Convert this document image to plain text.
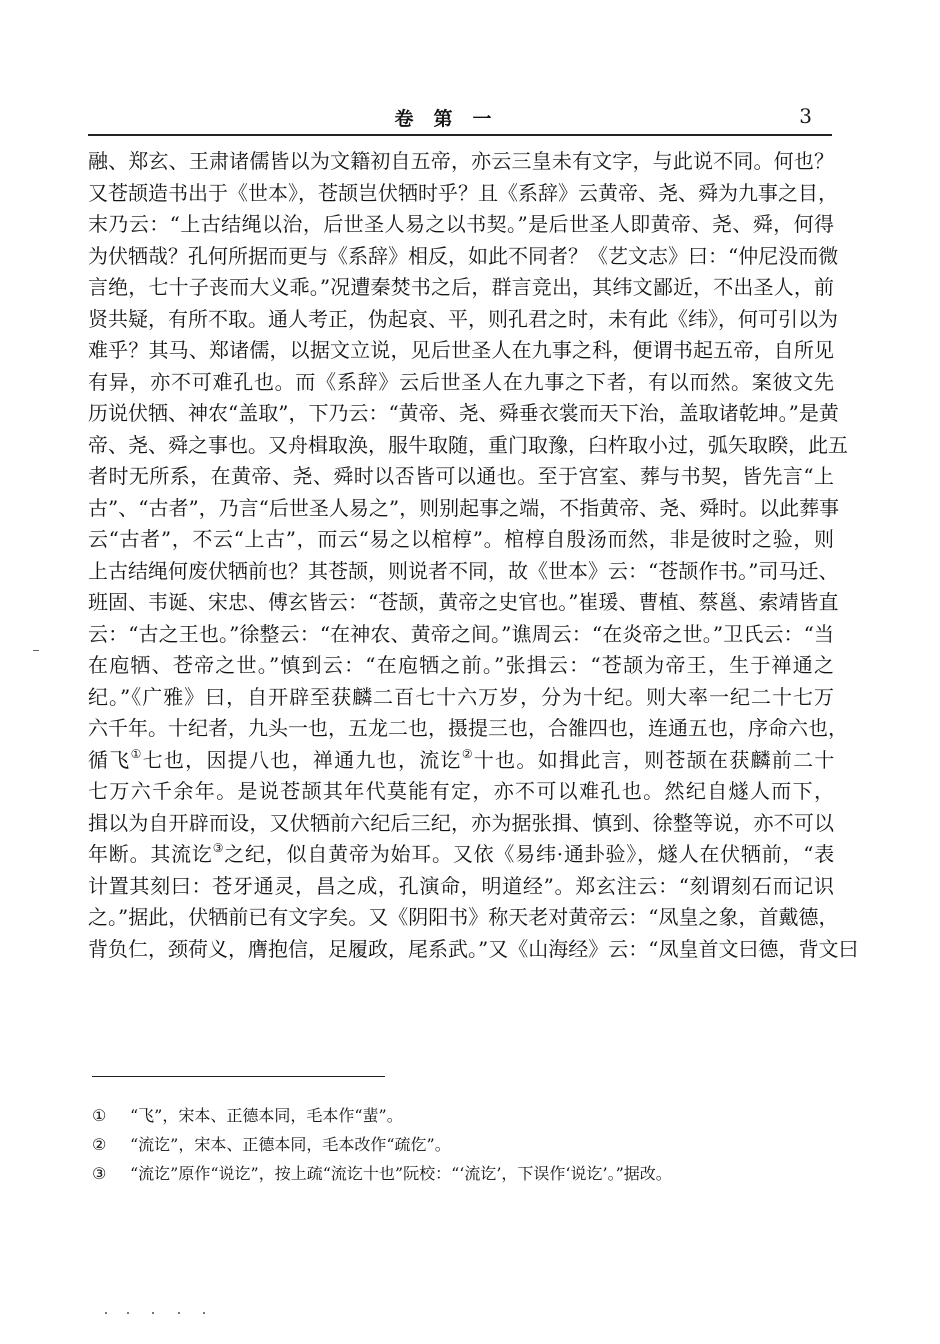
卷第一	3
融、郑玄、王肃诸儒皆以为文籍初自五帝，亦云三皇未有文字，与此说不同。何也？
又苍颉造书出于《世本》，苍颉岂伏牺时乎？且《系辞》云黄帝、尧、舜为九事之目，
末乃云：“上古结绳以治，后世圣人易之以书契。”是后世圣人即黄帝、尧、舜，何得
为伏牺哉？孔何所据而更与《系辞》相反，如此不同者？《艺文志》曰：“仲尼没而微
言绝，七十子丧而大义乖。”况遭秦焚书之后，群言竞出，其纬文鄙近，不出圣人，前
贤共疑，有所不取。通人考正，伪起哀、平，则孔君之时，未有此《纬》，何可引以为
难乎？其马、郑诸儒，以据文立说，见后世圣人在九事之科，便谓书起五帝，自所见
有异，亦不可难孔也。而《系辞》云后世圣人在九事之下者，有以而然。案彼文先
历说伏牺、神农“盖取”，下乃云：“黄帝、尧、舜垂衣裳而天下治，盖取诸乾坤。”是黄
帝、尧、舜之事也。又舟楫取涣，服牛取随，重门取豫，臼杵取小过，弧矢取睽，此五
者时无所系，在黄帝、尧、舜时以否皆可以通也。至于宫室、葬与书契，皆先言“上
古”、“古者”，乃言“后世圣人易之”，则别起事之端，不指黄帝、尧、舜时。以此葬事
云“古者”，不云“上古”，而云“易之以棺椁”。棺椁自殷汤而然，非是彼时之验，则
上古结绳何废伏牺前也？其苍颉，则说者不同，故《世本》云：“苍颉作书。”司马迁、
班固、韦诞、宋忠、傅玄皆云：“苍颉，黄帝之史官也。”崔瑗、曹植、蔡邕、索靖皆直
云：“古之王也。”徐整云：“在神农、黄帝之间。”谯周云：“在炎帝之世。”卫氏云：“当
在庖牺、苍帝之世。”慎到云：“在庖牺之前。”张揖云：“苍颉为帝王，生于禅通之
纪。”《广雅》曰，自开辟至获麟二百七十六万岁，分为十纪。则大率一纪二十七万
六千年。十纪者，九头一也，五龙二也，摄提三也，合雒四也，连通五也，序命六也，
循飞①七也，因提八也，禅通九也，流讫②十也。如揖此言，则苍颉在获麟前二十
七万六千余年。是说苍颉其年代莫能有定，亦不可以难孔也。然纪自燧人而下，
揖以为自开辟而设，又伏牺前六纪后三纪，亦为据张揖、慎到、徐整等说，亦不可以
年断。其流讫③之纪，似自黄帝为始耳。又依《易纬·通卦验》，燧人在伏牺前，“表
计置其刻曰：苍牙通灵，昌之成，孔演命，明道经”。郑玄注云：“刻谓刻石而记识
之。”据此，伏牺前已有文字矣。又《阴阳书》称天老对黄帝云：“凤皇之象，首戴德，
背负仁，颈荷义，膺抱信，足履政，尾系武。”又《山海经》云：“凤皇首文曰德，背文曰
① “飞”，宋本、正德本同，毛本作“蜚”。
② “流讫”，宋本、正德本同，毛本改作“疏仡”。
③ “流讫”原作“说讫”，按上疏“流讫十也”阮校：“‘流讫’，下误作‘说讫’。”据改。
